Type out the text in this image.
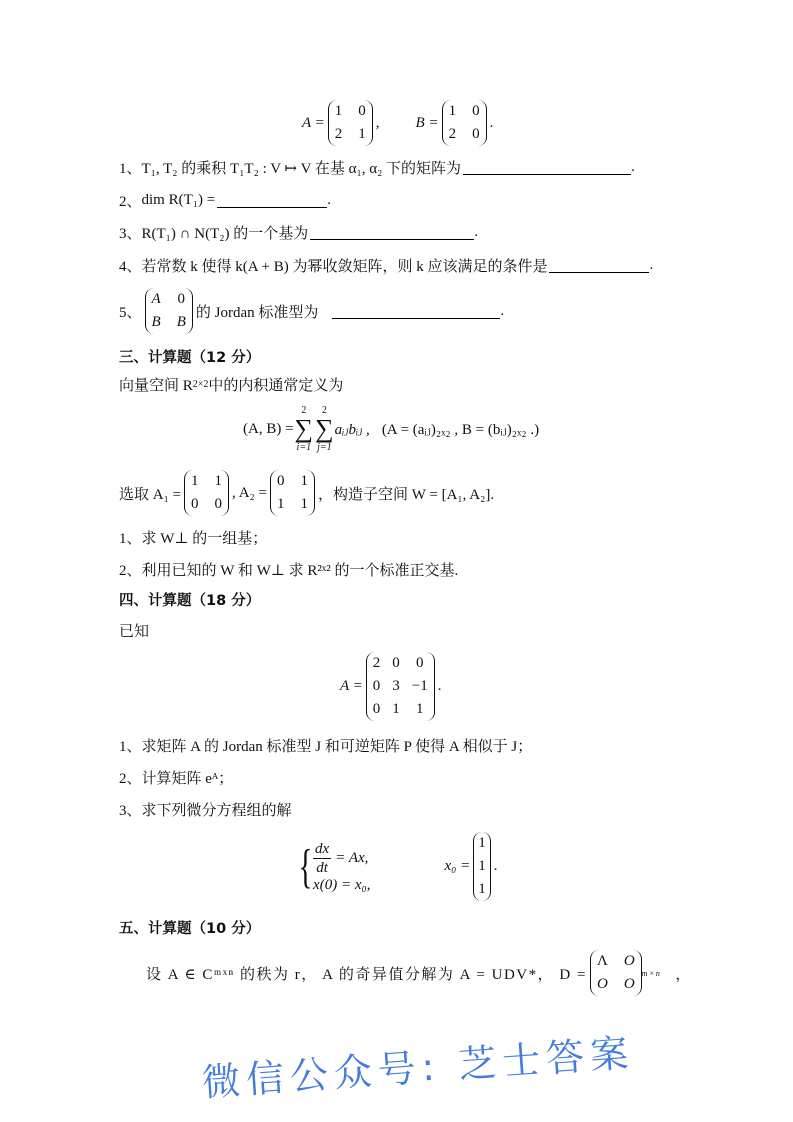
A =
1 0
2 1
, B =
1 0
2 0
.
1、 T₁, T₂ 的乘积 T₁T₂ : V ↦ V 在基 α₁, α₂ 下的矩阵为	.
2、 dim R(T₁) =	.
3、 R(T₁) ∩ N(T₂) 的一个基为	.
4、 若常数 k 使得 k(A + B) 为幂收敛矩阵，则 k 应该满足的条件是	.
5、
A 0
B B
的 Jordan 标准型为	.
三、计算题（12 分）
向量空间 R 2×2 中的内积通常定义为
(A, B) =
2
∑
i=1
2
∑
j=1
aᵢⱼbᵢⱼ , (A = (aᵢⱼ)₂ₓ₂ , B = (bᵢⱼ)₂ₓ₂ .)
选取 A₁ =
1 1
0 0
, A₂ =
0 1
1 1
，构造子空间 W = [A₁, A₂].
1、求 W⊥ 的一组基；
2、利用已知的 W 和 W⊥ 求 R²ˣ² 的一个标准正交基.
四、计算题（18 分）
已知
A =
2 0 0
0 3 −1
0 1 1
.
1、求矩阵 A 的 Jordan 标准型 J 和可逆矩阵 P 使得 A 相似于 J；
2、计算矩阵 eᴬ；
3、求下列微分方程组的解
{ $\frac{dx}{dt} = Ax$,
x(0) = x₀,
x₀ =
1
1
1
.
五、计算题（10 分）
设 A ∈ Cᵐˣⁿ 的秩为 r， A 的奇异值分解为 A = UDV*， D =
Λ O
O O
m×n ，
微信公众号: 芝士答案
